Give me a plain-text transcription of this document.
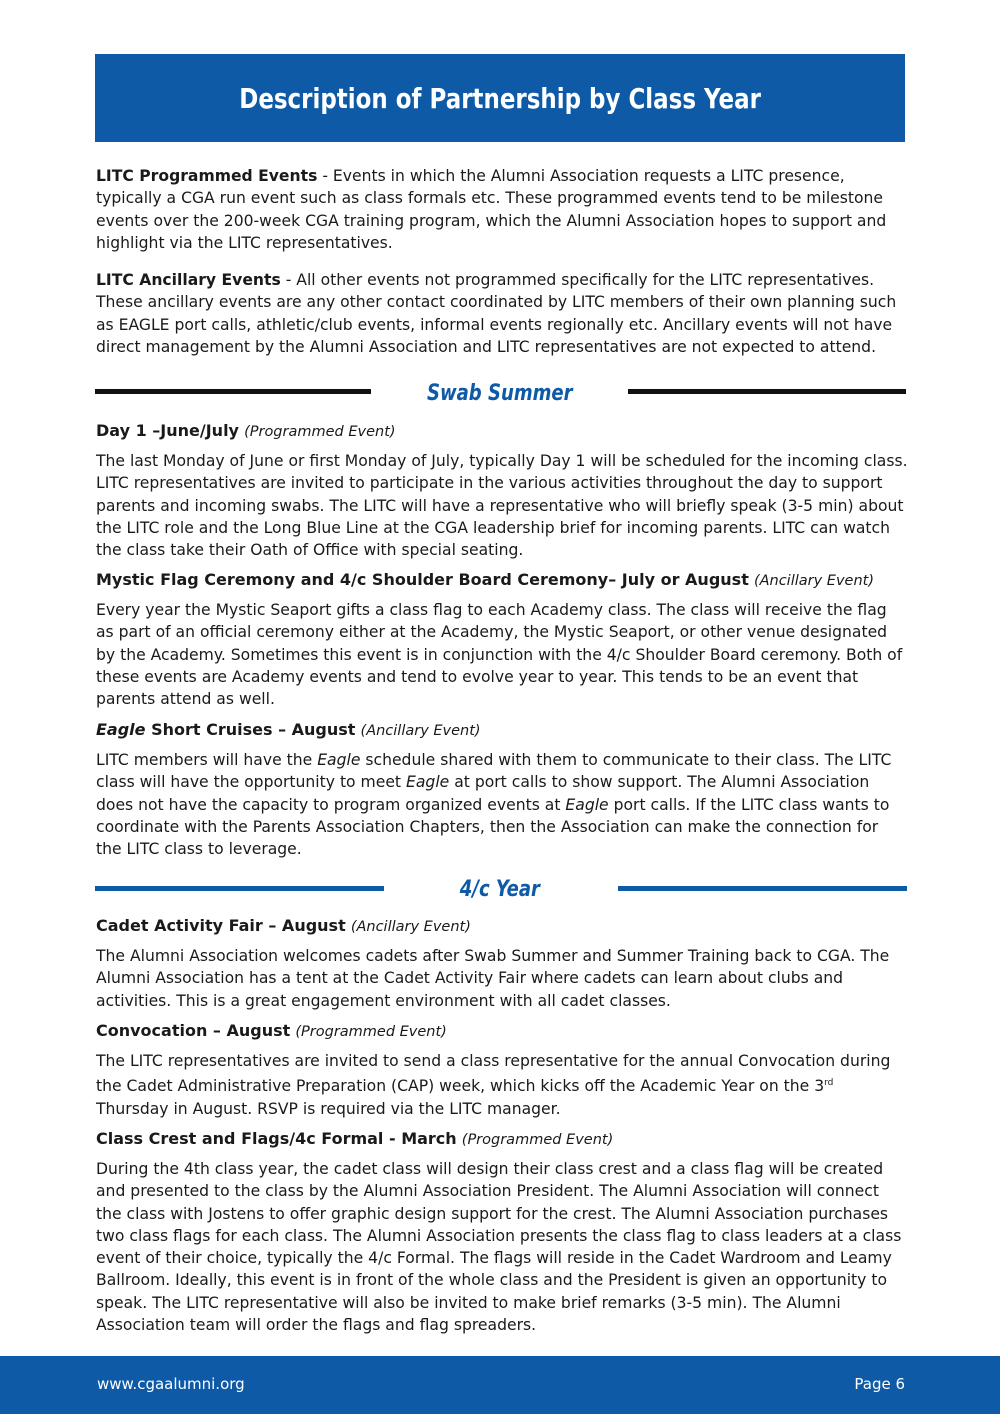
Description of Partnership by Class Year

LITC Programmed Events - Events in which the Alumni Association requests a LITC presence, typically a CGA run event such as class formals etc. These programmed events tend to be milestone events over the 200-week CGA training program, which the Alumni Association hopes to support and highlight via the LITC representatives.

LITC Ancillary Events - All other events not programmed specifically for the LITC representatives. These ancillary events are any other contact coordinated by LITC members of their own planning such as EAGLE port calls, athletic/club events, informal events regionally etc. Ancillary events will not have direct management by the Alumni Association and LITC representatives are not expected to attend.

Swab Summer

Day 1 –June/July (Programmed Event)

The last Monday of June or first Monday of July, typically Day 1 will be scheduled for the incoming class. LITC representatives are invited to participate in the various activities throughout the day to support parents and incoming swabs. The LITC will have a representative who will briefly speak (3-5 min) about the LITC role and the Long Blue Line at the CGA leadership brief for incoming parents. LITC can watch the class take their Oath of Office with special seating.

Mystic Flag Ceremony and 4/c Shoulder Board Ceremony– July or August (Ancillary Event)

Every year the Mystic Seaport gifts a class flag to each Academy class. The class will receive the flag as part of an official ceremony either at the Academy, the Mystic Seaport, or other venue designated by the Academy. Sometimes this event is in conjunction with the 4/c Shoulder Board ceremony. Both of these events are Academy events and tend to evolve year to year. This tends to be an event that parents attend as well.

Eagle Short Cruises – August (Ancillary Event)

LITC members will have the Eagle schedule shared with them to communicate to their class. The LITC class will have the opportunity to meet Eagle at port calls to show support. The Alumni Association does not have the capacity to program organized events at Eagle port calls. If the LITC class wants to coordinate with the Parents Association Chapters, then the Association can make the connection for the LITC class to leverage.

4/c Year

Cadet Activity Fair – August (Ancillary Event)

The Alumni Association welcomes cadets after Swab Summer and Summer Training back to CGA. The Alumni Association has a tent at the Cadet Activity Fair where cadets can learn about clubs and activities. This is a great engagement environment with all cadet classes.

Convocation – August (Programmed Event)

The LITC representatives are invited to send a class representative for the annual Convocation during the Cadet Administrative Preparation (CAP) week, which kicks off the Academic Year on the 3rd Thursday in August. RSVP is required via the LITC manager.

Class Crest and Flags/4c Formal - March (Programmed Event)

During the 4th class year, the cadet class will design their class crest and a class flag will be created and presented to the class by the Alumni Association President. The Alumni Association will connect the class with Jostens to offer graphic design support for the crest. The Alumni Association purchases two class flags for each class. The Alumni Association presents the class flag to class leaders at a class event of their choice, typically the 4/c Formal. The flags will reside in the Cadet Wardroom and Leamy Ballroom. Ideally, this event is in front of the whole class and the President is given an opportunity to speak. The LITC representative will also be invited to make brief remarks (3-5 min). The Alumni Association team will order the flags and flag spreaders.

www.cgaalumni.org	Page 6
